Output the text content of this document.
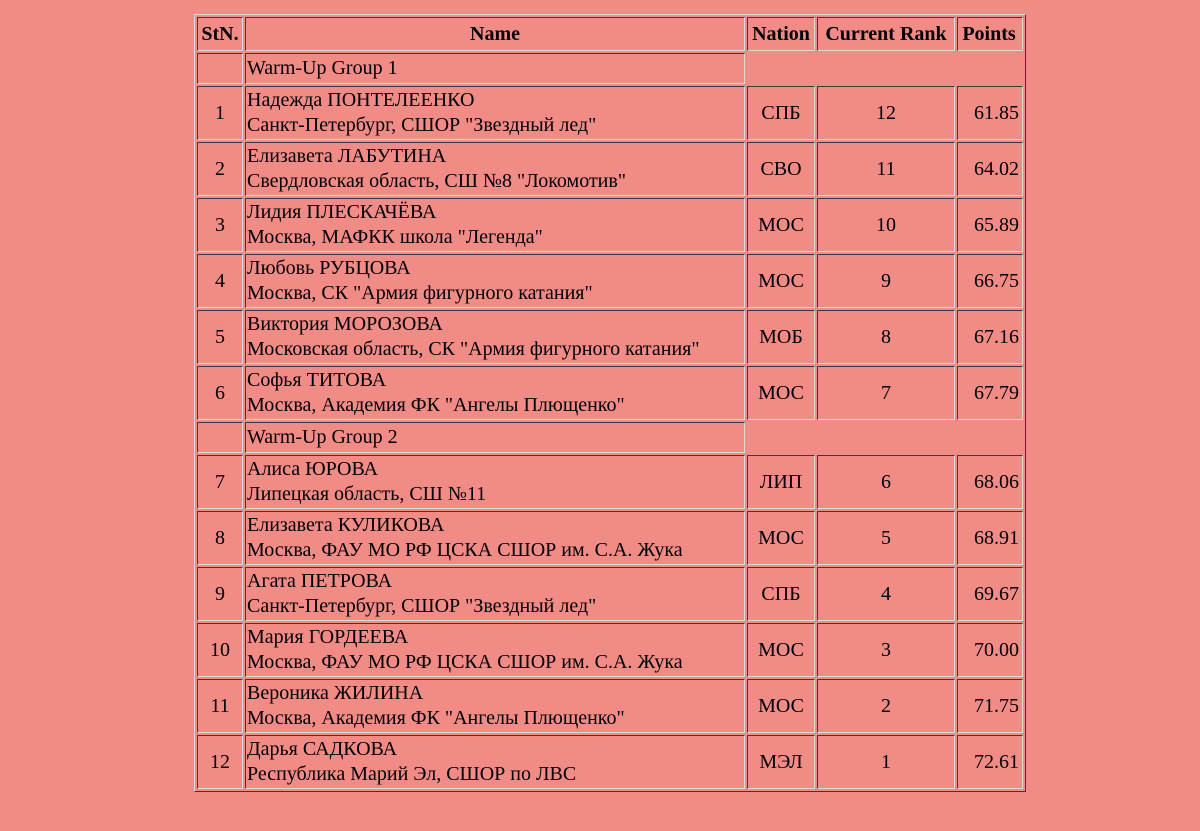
StN.	Name	Nation	Current Rank	Points
	Warm-Up Group 1			
1	Надежда ПОНТЕЛЕЕНКО
Санкт-Петербург, СШОР "Звездный лед"	СПБ	12	61.85
2	Елизавета ЛАБУТИНА
Свердловская область, СШ №8 "Локомотив"	СВО	11	64.02
3	Лидия ПЛЕСКАЧЁВА
Москва, МАФКК школа "Легенда"	МОС	10	65.89
4	Любовь РУБЦОВА
Москва, СК "Армия фигурного катания"	МОС	9	66.75
5	Виктория МОРОЗОВА
Московская область, СК "Армия фигурного катания"	МОБ	8	67.16
6	Софья ТИТОВА
Москва, Академия ФК "Ангелы Плющенко"	МОС	7	67.79
	Warm-Up Group 2			
7	Алиса ЮРОВА
Липецкая область, СШ №11	ЛИП	6	68.06
8	Елизавета КУЛИКОВА
Москва, ФАУ МО РФ ЦСКА СШОР им. С.А. Жука	МОС	5	68.91
9	Агата ПЕТРОВА
Санкт-Петербург, СШОР "Звездный лед"	СПБ	4	69.67
10	Мария ГОРДЕЕВА
Москва, ФАУ МО РФ ЦСКА СШОР им. С.А. Жука	МОС	3	70.00
11	Вероника ЖИЛИНА
Москва, Академия ФК "Ангелы Плющенко"	МОС	2	71.75
12	Дарья САДКОВА
Республика Марий Эл, СШОР по ЛВС	МЭЛ	1	72.61
